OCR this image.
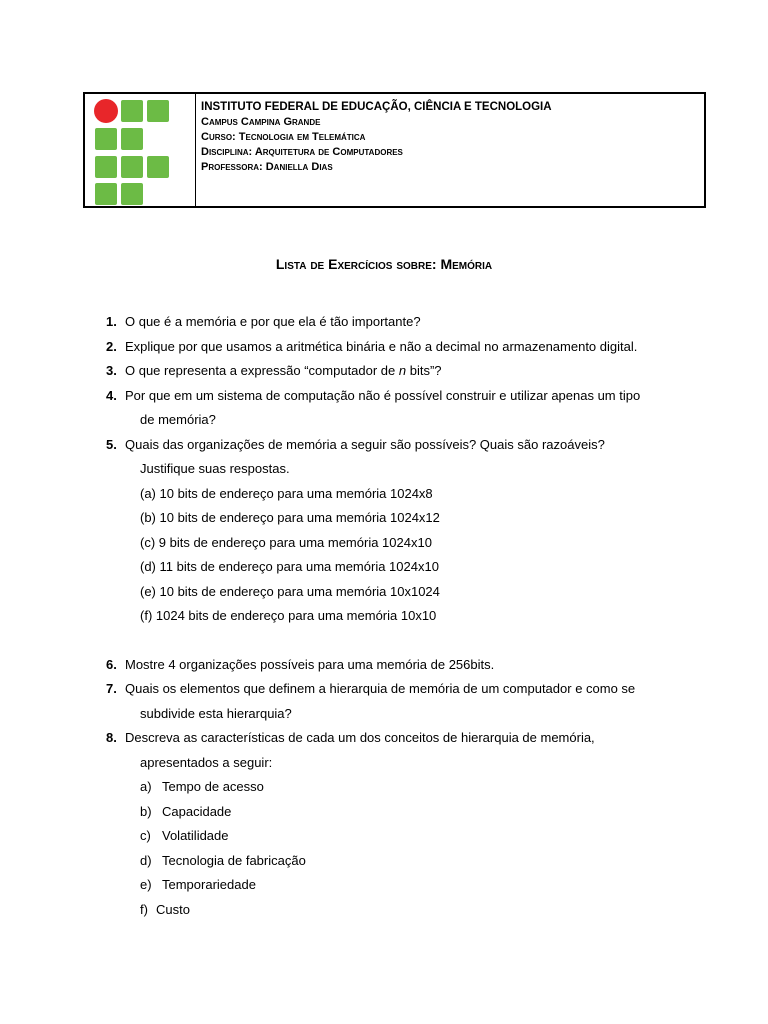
INSTITUTO FEDERAL DE EDUCAÇÃO, CIÊNCIA E TECNOLOGIA
Campus Campina Grande
Curso: Tecnologia em Telemática
Disciplina: Arquitetura de Computadores
Professora: Daniella Dias
Lista de Exercícios sobre: Memória
1. O que é a memória e por que ela é tão importante?
2. Explique por que usamos a aritmética binária e não a decimal no armazenamento digital.
3. O que representa a expressão “computador de n bits”?
4. Por que em um sistema de computação não é possível construir e utilizar apenas um tipo
de memória?
5. Quais das organizações de memória a seguir são possíveis? Quais são razoáveis?
Justifique suas respostas.
(a) 10 bits de endereço para uma memória 1024x8
(b) 10 bits de endereço para uma memória 1024x12
(c) 9 bits de endereço para uma memória 1024x10
(d) 11 bits de endereço para uma memória 1024x10
(e) 10 bits de endereço para uma memória 10x1024
(f) 1024 bits de endereço para uma memória 10x10
6. Mostre 4 organizações possíveis para uma memória de 256bits.
7. Quais os elementos que definem a hierarquia de memória de um computador e como se
subdivide esta hierarquia?
8. Descreva as características de cada um dos conceitos de hierarquia de memória,
apresentados a seguir:
a) Tempo de acesso
b) Capacidade
c) Volatilidade
d) Tecnologia de fabricação
e) Temporariedade
f) Custo
